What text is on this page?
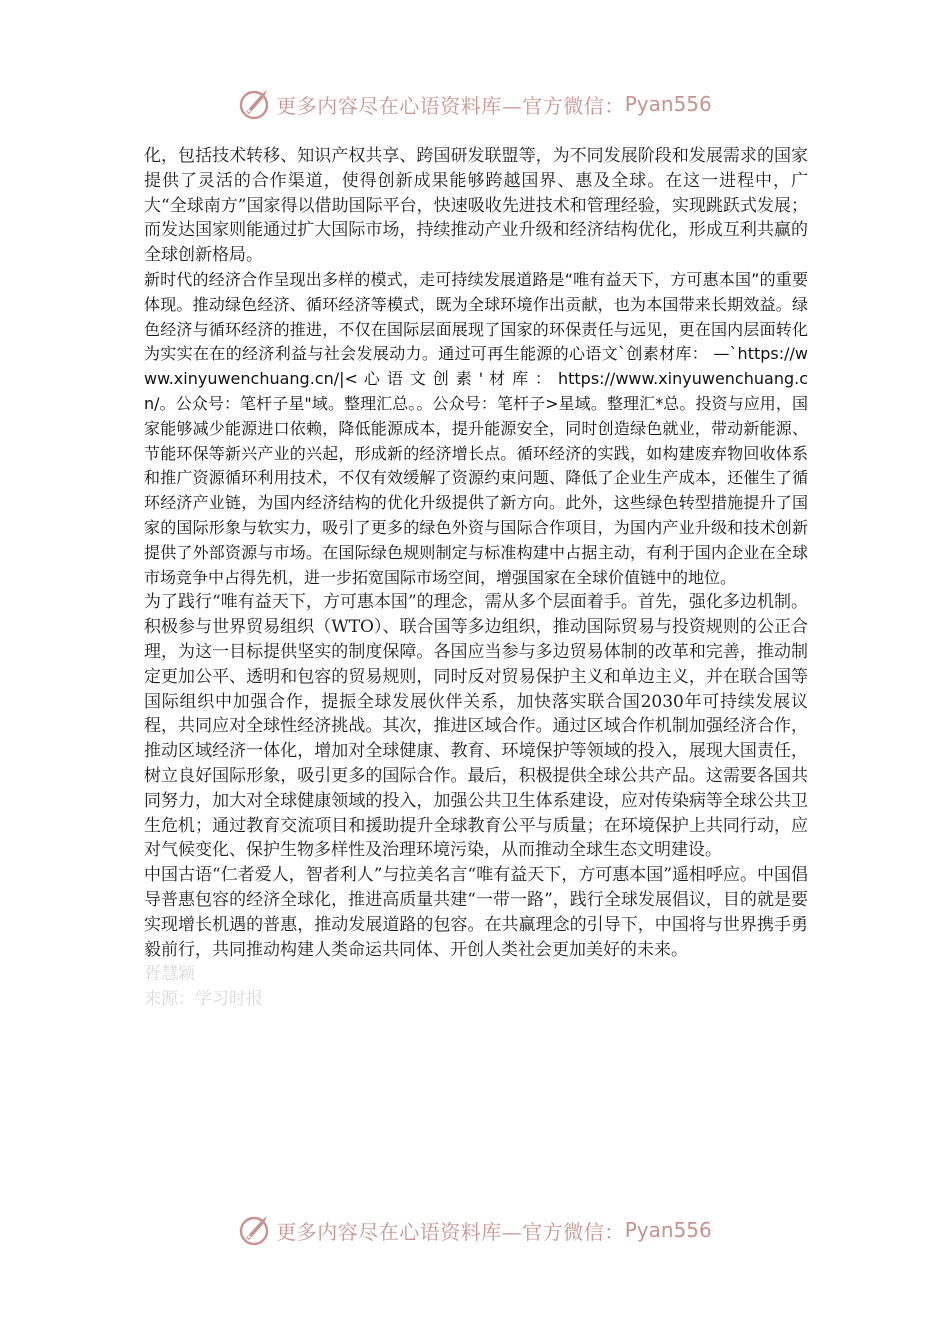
更多内容尽在心语资料库—官方微信： Pyan556

化，包括技术转移、知识产权共享、跨国研发联盟等，为不同发展阶段和发展需求的国家提供了灵活的合作渠道，使得创新成果能够跨越国界、惠及全球。在这一进程中，广大“全球南方”国家得以借助国际平台，快速吸收先进技术和管理经验，实现跳跃式发展；而发达国家则能通过扩大国际市场，持续推动产业升级和经济结构优化，形成互利共赢的全球创新格局。

新时代的经济合作呈现出多样的模式，走可持续发展道路是“唯有益天下，方可惠本国”的重要体现。推动绿色经济、循环经济等模式，既为全球环境作出贡献，也为本国带来长期效益。绿色经济与循环经济的推进，不仅在国际层面展现了国家的环保责任与远见，更在国内层面转化为实实在在的经济利益与社会发展动力。通过可再生能源的心语文`创素材库： —`https://www.xinyuwenchuang.cn/|< 心 语 文 创 素 ' 材 库 ： https://www.xinyuwenchuang.cn/。公众号：笔杆子星"域。整理汇总。。公众号：笔杆子>星域。整理汇*总。投资与应用，国家能够减少能源进口依赖，降低能源成本，提升能源安全，同时创造绿色就业，带动新能源、节能环保等新兴产业的兴起，形成新的经济增长点。循环经济的实践，如构建废弃物回收体系和推广资源循环利用技术，不仅有效缓解了资源约束问题、降低了企业生产成本，还催生了循环经济产业链，为国内经济结构的优化升级提供了新方向。此外，这些绿色转型措施提升了国家的国际形象与软实力，吸引了更多的绿色外资与国际合作项目，为国内产业升级和技术创新提供了外部资源与市场。在国际绿色规则制定与标准构建中占据主动，有利于国内企业在全球市场竞争中占得先机，进一步拓宽国际市场空间，增强国家在全球价值链中的地位。

为了践行“唯有益天下，方可惠本国”的理念，需从多个层面着手。首先，强化多边机制。积极参与世界贸易组织（WTO）、联合国等多边组织，推动国际贸易与投资规则的公正合理，为这一目标提供坚实的制度保障。各国应当参与多边贸易体制的改革和完善，推动制定更加公平、透明和包容的贸易规则，同时反对贸易保护主义和单边主义，并在联合国等国际组织中加强合作，提振全球发展伙伴关系，加快落实联合国2030年可持续发展议程，共同应对全球性经济挑战。其次，推进区域合作。通过区域合作机制加强经济合作，推动区域经济一体化，增加对全球健康、教育、环境保护等领域的投入，展现大国责任，树立良好国际形象，吸引更多的国际合作。最后，积极提供全球公共产品。这需要各国共同努力，加大对全球健康领域的投入，加强公共卫生体系建设，应对传染病等全球公共卫生危机；通过教育交流项目和援助提升全球教育公平与质量；在环境保护上共同行动，应对气候变化、保护生物多样性及治理环境污染，从而推动全球生态文明建设。

中国古语“仁者爱人，智者利人”与拉美名言“唯有益天下，方可惠本国”遥相呼应。中国倡导普惠包容的经济全球化，推进高质量共建“一带一路”，践行全球发展倡议，目的就是要实现增长机遇的普惠，推动发展道路的包容。在共赢理念的引导下，中国将与世界携手勇毅前行，共同推动构建人类命运共同体、开创人类社会更加美好的未来。

胥慧颖

来源：学习时报

更多内容尽在心语资料库—官方微信： Pyan556
